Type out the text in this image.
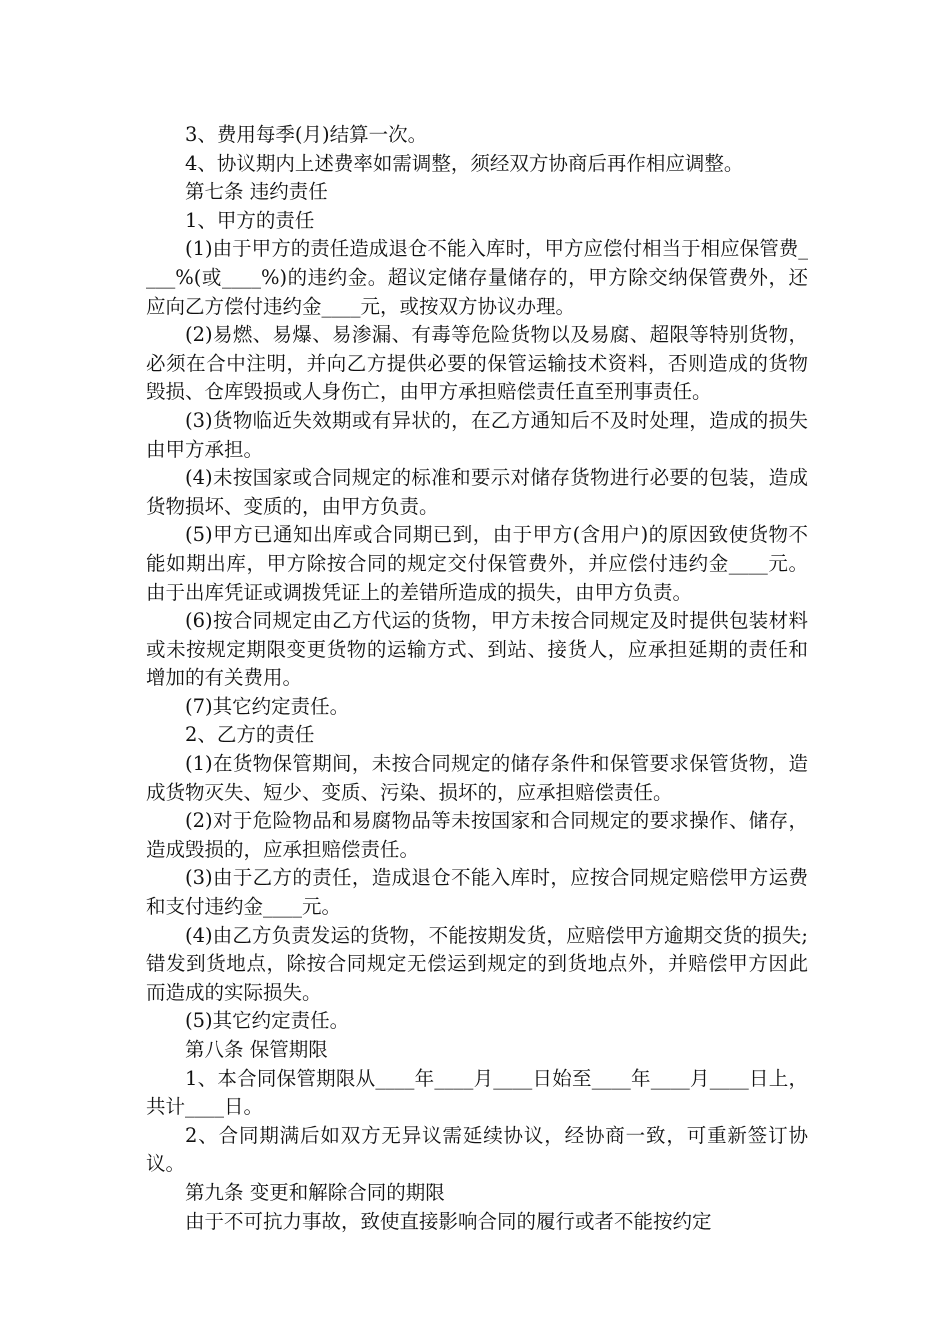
3、费用每季(月)结算一次。

4、协议期内上述费率如需调整，须经双方协商后再作相应调整。

第七条 违约责任

1、甲方的责任

(1)由于甲方的责任造成退仓不能入库时，甲方应偿付相当于相应保管费____%(或____%)的违约金。超议定储存量储存的，甲方除交纳保管费外，还应向乙方偿付违约金____元，或按双方协议办理。

(2)易燃、易爆、易渗漏、有毒等危险货物以及易腐、超限等特别货物，必须在合中注明，并向乙方提供必要的保管运输技术资料，否则造成的货物毁损、仓库毁损或人身伤亡，由甲方承担赔偿责任直至刑事责任。

(3)货物临近失效期或有异状的，在乙方通知后不及时处理，造成的损失由甲方承担。

(4)未按国家或合同规定的标准和要示对储存货物进行必要的包装，造成货物损坏、变质的，由甲方负责。

(5)甲方已通知出库或合同期已到，由于甲方(含用户)的原因致使货物不能如期出库，甲方除按合同的规定交付保管费外，并应偿付违约金____元。由于出库凭证或调拨凭证上的差错所造成的损失，由甲方负责。

(6)按合同规定由乙方代运的货物，甲方未按合同规定及时提供包装材料或未按规定期限变更货物的运输方式、到站、接货人，应承担延期的责任和增加的有关费用。

(7)其它约定责任。

2、乙方的责任

(1)在货物保管期间，未按合同规定的储存条件和保管要求保管货物，造成货物灭失、短少、变质、污染、损坏的，应承担赔偿责任。

(2)对于危险物品和易腐物品等未按国家和合同规定的要求操作、储存，造成毁损的，应承担赔偿责任。

(3)由于乙方的责任，造成退仓不能入库时，应按合同规定赔偿甲方运费和支付违约金____元。

(4)由乙方负责发运的货物，不能按期发货，应赔偿甲方逾期交货的损失;错发到货地点，除按合同规定无偿运到规定的到货地点外，并赔偿甲方因此而造成的实际损失。

(5)其它约定责任。

第八条 保管期限

1、本合同保管期限从____年____月____日始至____年____月____日上，共计____日。

2、合同期满后如双方无异议需延续协议，经协商一致，可重新签订协议。

第九条 变更和解除合同的期限

由于不可抗力事故，致使直接影响合同的履行或者不能按约定
